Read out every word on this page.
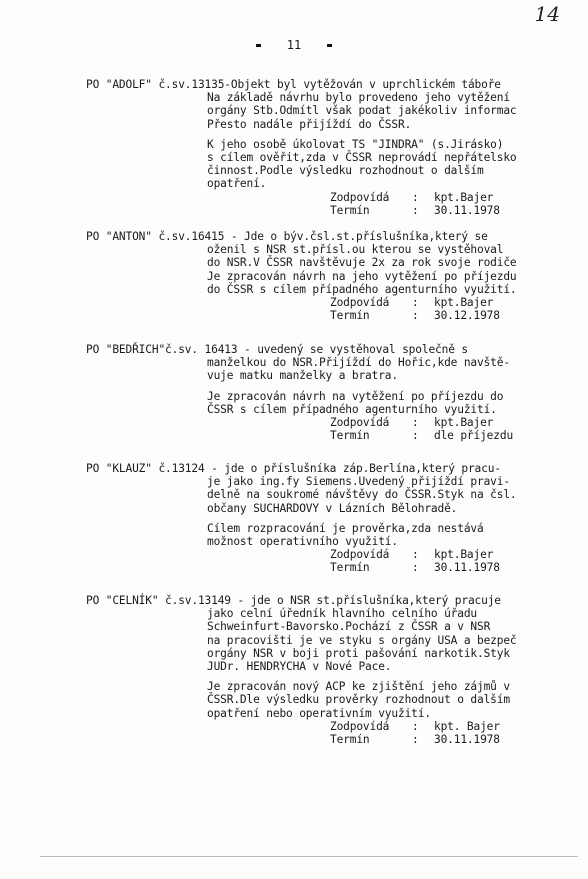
14
11
PO "ADOLF" č.sv.13135-Objekt byl vytěžován v uprchlickém táboře
Na základě návrhu bylo provedeno jeho vytěžení
orgány Stb.Odmítl však podat jakékoliv informac
Přesto nadále přijíždí do ČSSR.
K jeho osobě úkolovat TS "JINDRA" (s.Jirásko)
s cílem ověřit,zda v ČSSR neprovádí nepřátelsko
činnost.Podle výsledku rozhodnout o dalším
opatření.
Zodpovídá : kpt.Bajer
Termín	: 30.11.1978
PO "ANTON" č.sv.16415 - Jde o býv.čsl.st.příslušníka,který se
oženil s NSR st.přísl.ou kterou se vystěhoval
do NSR.V ČSSR navštěvuje 2x za rok svoje rodiče
Je zpracován návrh na jeho vytěžení po příjezdu
do ČSSR s cílem případného agenturního využití.
Zodpovídá : kpt.Bajer
Termín	: 30.12.1978
PO "BEDŘICH"č.sv. 16413 - uvedený se vystěhoval společně s
manželkou do NSR.Přijíždí do Hořic,kde navště-
vuje matku manželky a bratra.
Je zpracován návrh na vytěžení po příjezdu do
ČSSR s cílem případného agenturního využití.
Zodpovídá : kpt.Bajer
Termín	: dle příjezdu
PO "KLAUZ" č.13124 - jde o příslušníka záp.Berlína,který pracu-
je jako ing.fy Siemens.Uvedený přijíždí pravi-
delně na soukromé návštěvy do ČSSR.Styk na čsl.
občany SUCHARDOVY v Lázních Bělohradě.
Cílem rozpracování je prověrka,zda nestává
možnost operativního využití.
Zodpovídá : kpt.Bajer
Termín	: 30.11.1978
PO "CELNÍK" č.sv.13149 - jde o NSR st.příslušníka,který pracuje
jako celní úředník hlavního celního úřadu
Schweinfurt-Bavorsko.Pochází z ČSSR a v NSR
na pracovišti je ve styku s orgány USA a bezpeč
orgány NSR v boji proti pašování narkotik.Styk
JUDr. HENDRYCHA v Nové Pace.
Je zpracován nový ACP ke zjištění jeho zájmů v
ČSSR.Dle výsledku prověrky rozhodnout o dalším
opatření nebo operativním využití.
Zodpovídá : kpt. Bajer
Termín	: 30.11.1978
